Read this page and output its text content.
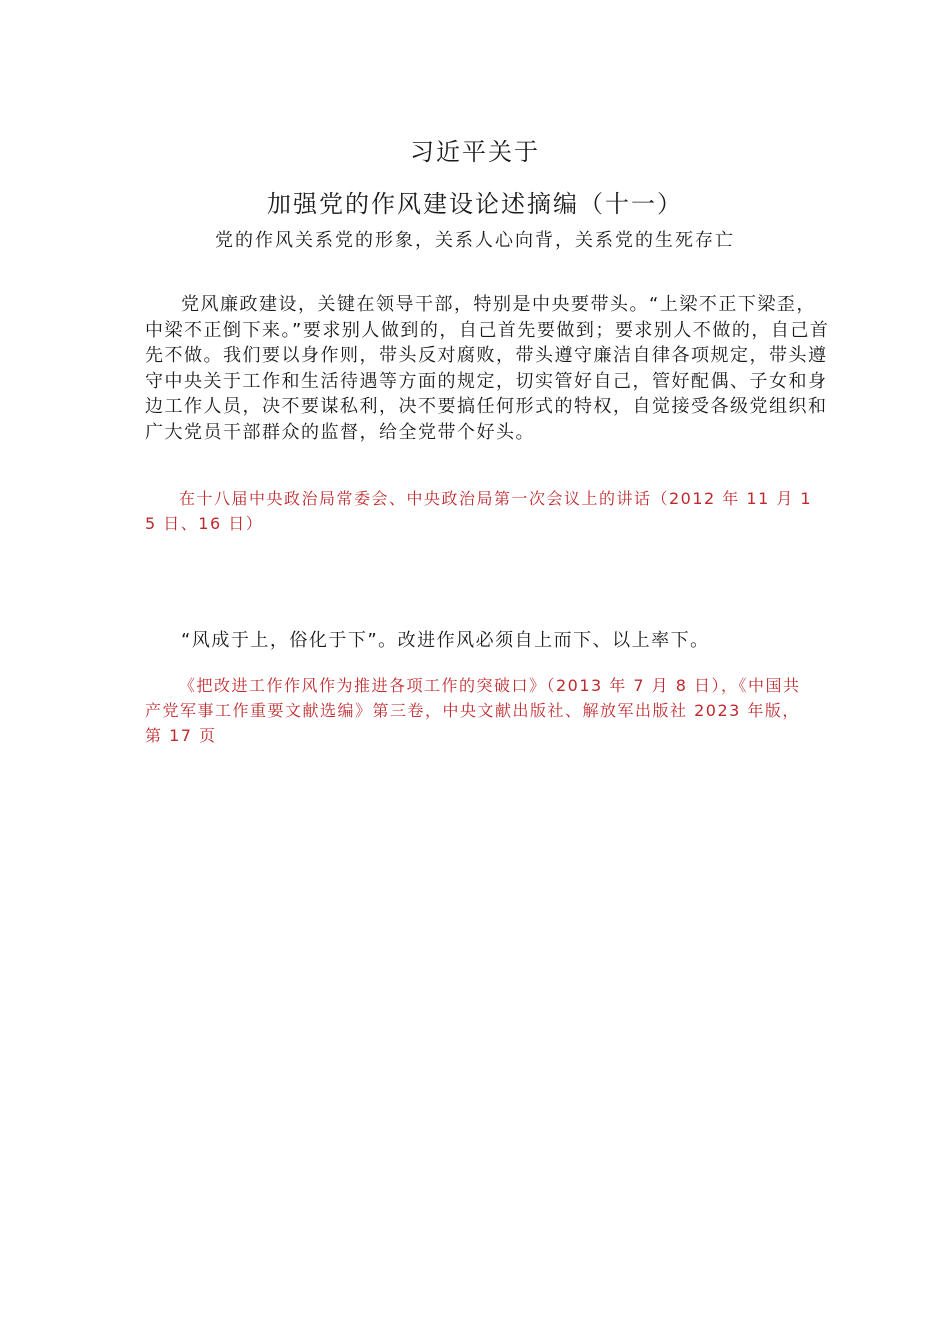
习近平关于
加强党的作风建设论述摘编（十一）
党的作风关系党的形象，关系人心向背，关系党的生死存亡

党风廉政建设，关键在领导干部，特别是中央要带头。“上梁不正下梁歪，中梁不正倒下来。”要求别人做到的，自己首先要做到；要求别人不做的，自己首先不做。我们要以身作则，带头反对腐败，带头遵守廉洁自律各项规定，带头遵守中央关于工作和生活待遇等方面的规定，切实管好自己，管好配偶、子女和身边工作人员，决不要谋私利，决不要搞任何形式的特权，自觉接受各级党组织和广大党员干部群众的监督，给全党带个好头。

在十八届中央政治局常委会、中央政治局第一次会议上的讲话（2012 年 11 月 15 日、16 日）

“风成于上，俗化于下”。改进作风必须自上而下、以上率下。

《把改进工作作风作为推进各项工作的突破口》（2013 年 7 月 8 日），《中国共产党军事工作重要文献选编》第三卷，中央文献出版社、解放军出版社 2023 年版，第 17 页
